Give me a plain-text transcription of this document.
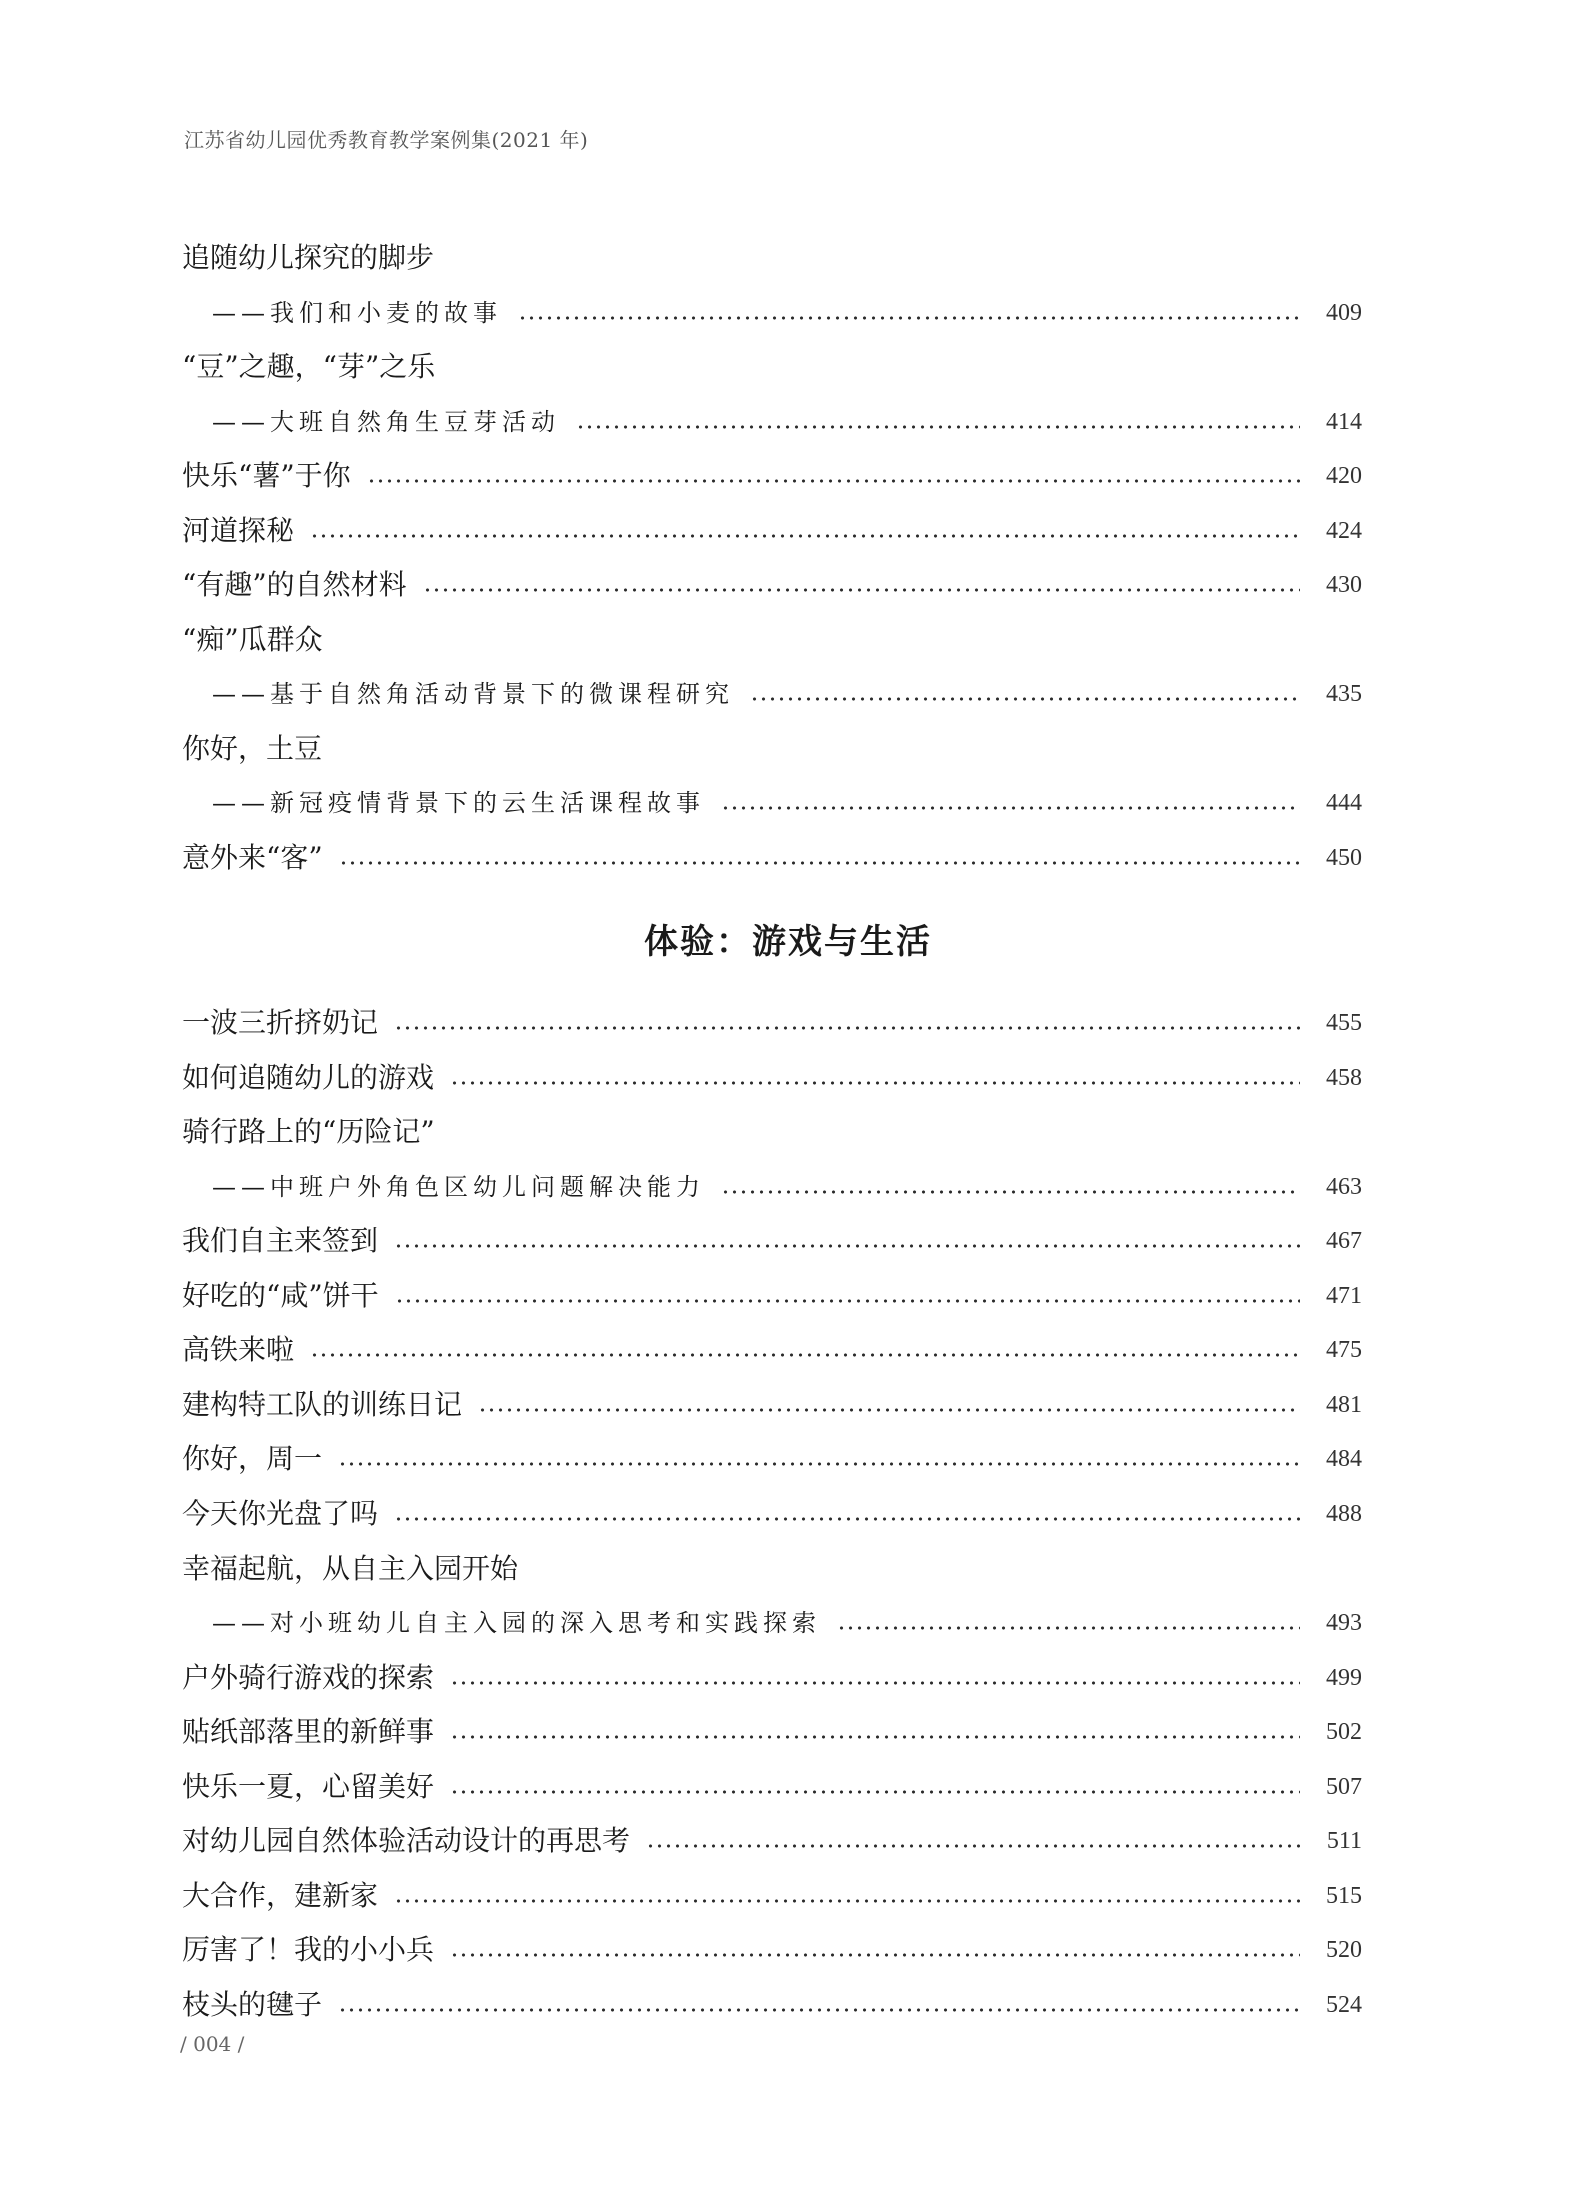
江苏省幼儿园优秀教育教学案例集(2021 年)
追随幼儿探究的脚步
——我们和小麦的故事	409
“豆”之趣，“芽”之乐
——大班自然角生豆芽活动	414
快乐“薯”于你	420
河道探秘	424
“有趣”的自然材料	430
“痴”瓜群众
——基于自然角活动背景下的微课程研究	435
你好，土豆
——新冠疫情背景下的云生活课程故事	444
意外来“客”	450
一波三折挤奶记	455
如何追随幼儿的游戏	458
骑行路上的“历险记”
——中班户外角色区幼儿问题解决能力	463
我们自主来签到	467
好吃的“咸”饼干	471
高铁来啦	475
建构特工队的训练日记	481
你好，周一	484
今天你光盘了吗	488
幸福起航，从自主入园开始
——对小班幼儿自主入园的深入思考和实践探索	493
户外骑行游戏的探索	499
贴纸部落里的新鲜事	502
快乐一夏，心留美好	507
对幼儿园自然体验活动设计的再思考	511
大合作，建新家	515
厉害了！我的小小兵	520
枝头的毽子	524
体验：游戏与生活
/ 004 /
